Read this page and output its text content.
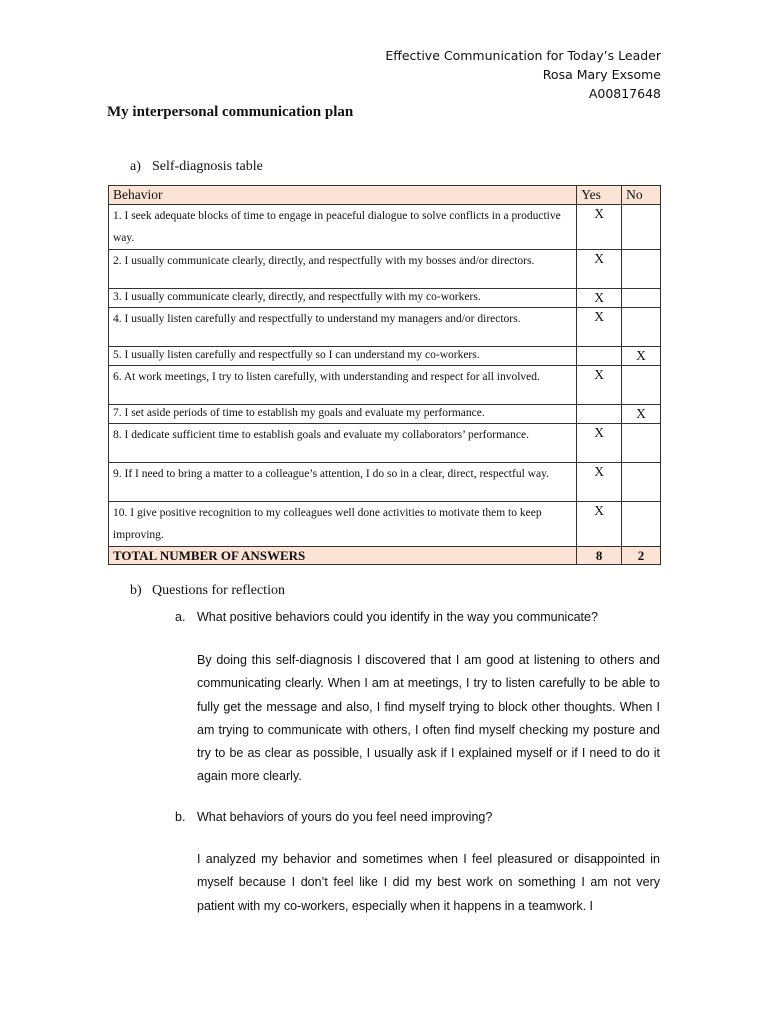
Effective Communication for Today’s Leader
Rosa Mary Exsome
A00817648
My interpersonal communication plan
a) Self-diagnosis table
Behavior	Yes	No
1. I seek adequate blocks of time to engage in peaceful dialogue to solve conflicts in a productive way.	X	
2. I usually communicate clearly, directly, and respectfully with my bosses and/or directors.	X	
3. I usually communicate clearly, directly, and respectfully with my co-workers.	X	
4. I usually listen carefully and respectfully to understand my managers and/or directors.	X	
5. I usually listen carefully and respectfully so I can understand my co-workers.		X
6. At work meetings, I try to listen carefully, with understanding and respect for all involved.	X	
7. I set aside periods of time to establish my goals and evaluate my performance.		X
8. I dedicate sufficient time to establish goals and evaluate my collaborators’ performance.	X	
9. If I need to bring a matter to a colleague’s attention, I do so in a clear, direct, respectful way.	X	
10. I give positive recognition to my colleagues well done activities to motivate them to keep improving.	X	
TOTAL NUMBER OF ANSWERS	8	2
b) Questions for reflection
a. What positive behaviors could you identify in the way you communicate?
By doing this self-diagnosis I discovered that I am good at listening to others and communicating clearly. When I am at meetings, I try to listen carefully to be able to fully get the message and also, I find myself trying to block other thoughts. When I am trying to communicate with others, I often find myself checking my posture and try to be as clear as possible, I usually ask if I explained myself or if I need to do it again more clearly.
b. What behaviors of yours do you feel need improving?
I analyzed my behavior and sometimes when I feel pleasured or disappointed in myself because I don’t feel like I did my best work on something I am not very patient with my co-workers, especially when it happens in a teamwork. I
